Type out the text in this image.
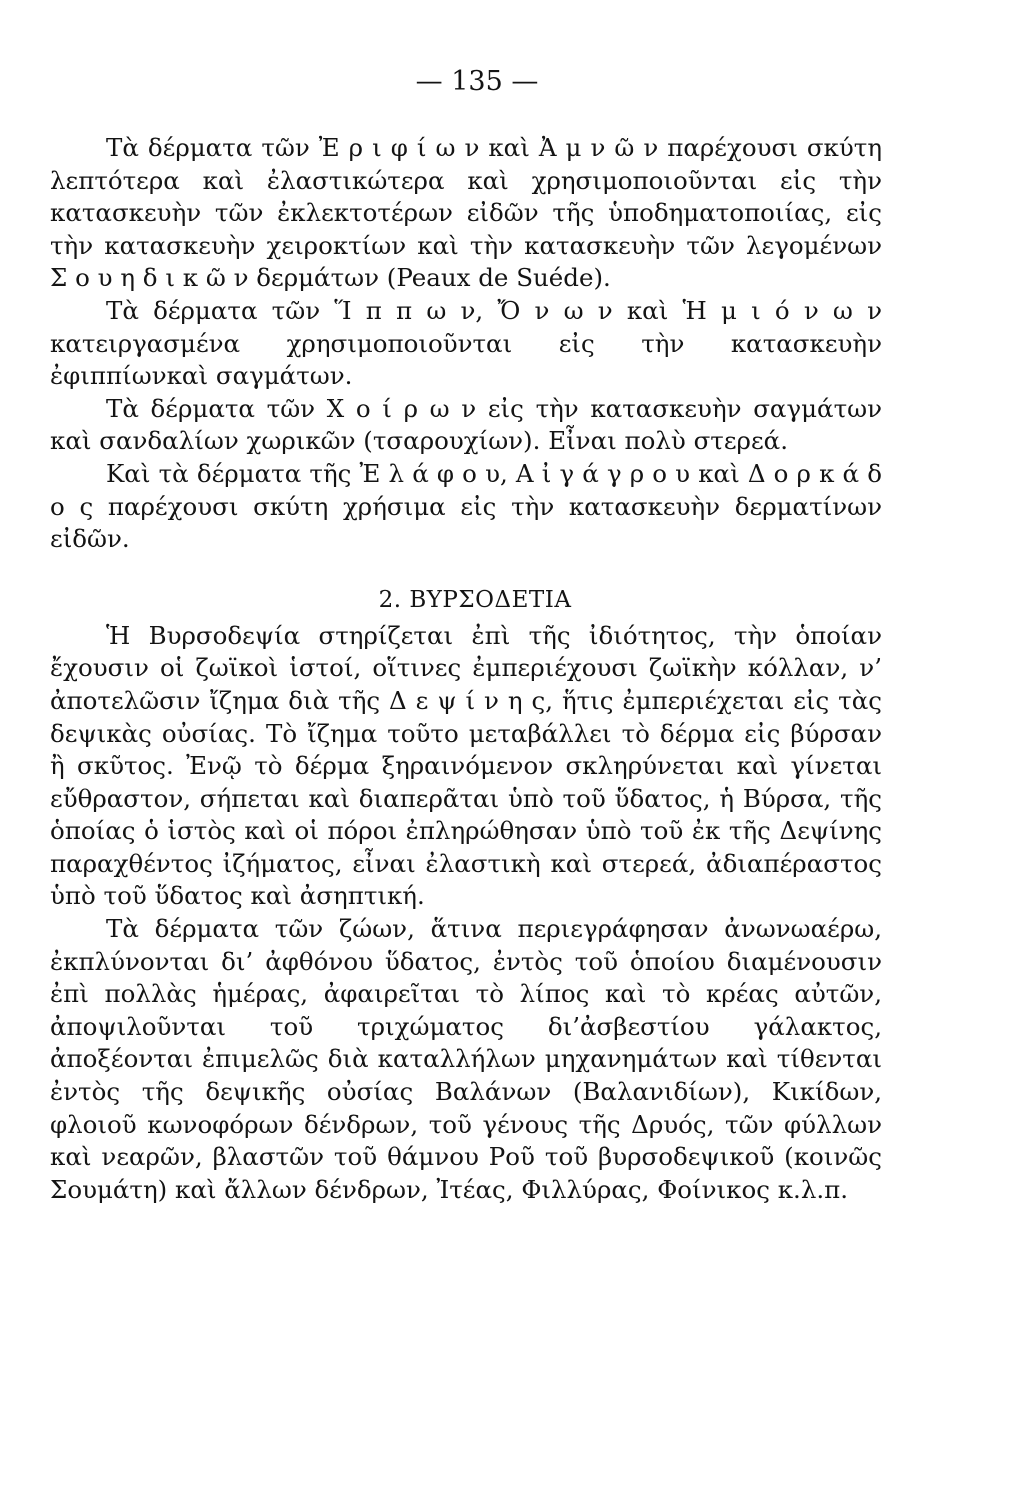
— 135 —

Τὰ δέρματα τῶν Ἐ ρ ι φ ί ω ν καὶ Ἀ μ ν ῶ ν παρέχουσι σκύτη λεπτότερα καὶ ἐλαστικώτερα καὶ χρησιμοποιοῦνται εἰς τὴν κατασκευὴν τῶν ἐκλεκτοτέρων εἰδῶν τῆς ὑποδηματοποιίας, εἰς τὴν κατασκευὴν χειροκτίων καὶ τὴν κατασκευὴν τῶν λεγομένων Σ ο υ η δ ι κ ῶ ν δερμάτων (Peaux de Suéde).

Τὰ δέρματα τῶν Ἵ π π ω ν, Ὄ ν ω ν καὶ Ἡ μ ι ό ν ω ν κατειργασμένα χρησιμοποιοῦνται εἰς τὴν κατασκευὴν ἐφιππίωνκαὶ σαγμάτων.

Τὰ δέρματα τῶν Χ ο ί ρ ω ν εἰς τὴν κατασκευὴν σαγμάτων καὶ σανδαλίων χωρικῶν (τσαρουχίων). Εἶναι πολὺ στερεά.

Καὶ τὰ δέρματα τῆς Ἐ λ ά φ ο υ, Α ἰ γ ά γ ρ ο υ καὶ Δ ο ρ κ ά δ ο ς παρέχουσι σκύτη χρήσιμα εἰς τὴν κατασκευὴν δερματίνων εἰδῶν.

2. ΒΥΡΣΟΔΕΤΙΑ

Ἡ Βυρσοδεψία στηρίζεται ἐπὶ τῆς ἰδιότητος, τὴν ὁποίαν ἔχουσιν οἱ ζωϊκοὶ ἱστοί, οἵτινες ἐμπεριέχουσι ζωϊκὴν κόλλαν, ν’ ἀποτελῶσιν ἴζημα διὰ τῆς Δ ε ψ ί ν η ς, ἥτις ἐμπεριέχεται εἰς τὰς δεψικὰς οὐσίας. Τὸ ἴζημα τοῦτο μεταβάλλει τὸ δέρμα εἰς βύρσαν ἢ σκῦτος. Ἐνῷ τὸ δέρμα ξηραινόμενον σκληρύνεται καὶ γίνεται εὔθραστον, σήπεται καὶ διαπερᾶται ὑπὸ τοῦ ὕδατος, ἡ Βύρσα, τῆς ὁποίας ὁ ἱστὸς καὶ οἱ πόροι ἐπληρώθησαν ὑπὸ τοῦ ἐκ τῆς Δεψίνης παραχθέντος ἰζήματος, εἶναι ἐλαστικὴ καὶ στερεά, ἀδιαπέραστος ὑπὸ τοῦ ὕδατος καὶ ἀσηπτική.

Τὰ δέρματα τῶν ζώων, ἅτινα περιεγράφησαν ἀνωνωαέρω, ἐκπλύνονται δι’ ἀφθόνου ὕδατος, ἐντὸς τοῦ ὁποίου διαμένουσιν ἐπὶ πολλὰς ἡμέρας, ἀφαιρεῖται τὸ λίπος καὶ τὸ κρέας αὐτῶν, ἀποψιλοῦνται τοῦ τριχώματος δι’ἀσβεστίου γάλακτος, ἀποξέονται ἐπιμελῶς διὰ καταλλήλων μηχανημάτων καὶ τίθενται ἐντὸς τῆς δεψικῆς οὐσίας Βαλάνων (Βαλανιδίων), Κικίδων, φλοιοῦ κωνοφόρων δένδρων, τοῦ γένους τῆς Δρυός, τῶν φύλλων καὶ νεαρῶν, βλαστῶν τοῦ θάμνου Ροῦ τοῦ βυρσοδεψικοῦ (κοινῶς Σουμάτη) καὶ ἄλλων δένδρων, Ἰτέας, Φιλλύρας, Φοίνικος κ.λ.π.
